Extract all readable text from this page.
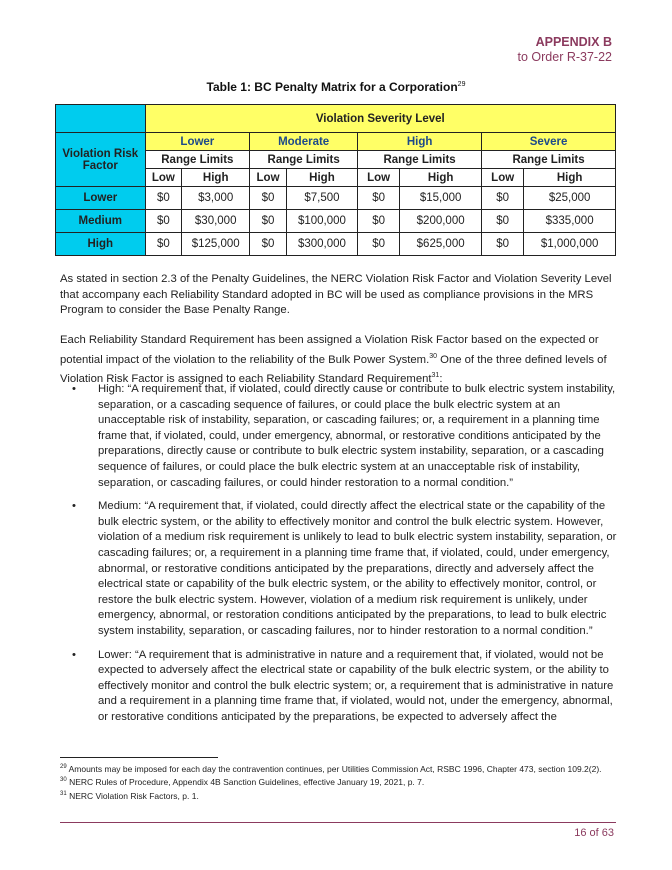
APPENDIX B
to Order R-37-22
Table 1: BC Penalty Matrix for a Corporation$^{29}$
	Violation Severity Level							
Violation Risk Factor	Lower		Moderate		High		Severe	
	Range Limits		Range Limits		Range Limits		Range Limits	
	Low	High	Low	High	Low	High	Low	High
Lower	$0	$3,000	$0	$7,500	$0	$15,000	$0	$25,000
Medium	$0	$30,000	$0	$100,000	$0	$200,000	$0	$335,000
High	$0	$125,000	$0	$300,000	$0	$625,000	$0	$1,000,000

As stated in section 2.3 of the Penalty Guidelines, the NERC Violation Risk Factor and Violation Severity Level that accompany each Reliability Standard adopted in BC will be used as compliance provisions in the MRS Program to consider the Base Penalty Range.

Each Reliability Standard Requirement has been assigned a Violation Risk Factor based on the expected or potential impact of the violation to the reliability of the Bulk Power System.$^{30}$ One of the three defined levels of Violation Risk Factor is assigned to each Reliability Standard Requirement$^{31}$:

• High: “A requirement that, if violated, could directly cause or contribute to bulk electric system instability, separation, or a cascading sequence of failures, or could place the bulk electric system at an unacceptable risk of instability, separation, or cascading failures; or, a requirement in a planning time frame that, if violated, could, under emergency, abnormal, or restorative conditions anticipated by the preparations, directly cause or contribute to bulk electric system instability, separation, or a cascading sequence of failures, or could place the bulk electric system at an unacceptable risk of instability, separation, or cascading failures, or could hinder restoration to a normal condition.”
• Medium: “A requirement that, if violated, could directly affect the electrical state or the capability of the bulk electric system, or the ability to effectively monitor and control the bulk electric system. However, violation of a medium risk requirement is unlikely to lead to bulk electric system instability, separation, or cascading failures; or, a requirement in a planning time frame that, if violated, could, under emergency, abnormal, or restorative conditions anticipated by the preparations, directly and adversely affect the electrical state or capability of the bulk electric system, or the ability to effectively monitor, control, or restore the bulk electric system. However, violation of a medium risk requirement is unlikely, under emergency, abnormal, or restoration conditions anticipated by the preparations, to lead to bulk electric system instability, separation, or cascading failures, nor to hinder restoration to a normal condition.”
• Lower: “A requirement that is administrative in nature and a requirement that, if violated, would not be expected to adversely affect the electrical state or capability of the bulk electric system, or the ability to effectively monitor and control the bulk electric system; or, a requirement that is administrative in nature and a requirement in a planning time frame that, if violated, would not, under the emergency, abnormal, or restorative conditions anticipated by the preparations, be expected to adversely affect the
$^{29}$ Amounts may be imposed for each day the contravention continues, per Utilities Commission Act, RSBC 1996, Chapter 473, section 109.2(2).
$^{30}$ NERC Rules of Procedure, Appendix 4B Sanction Guidelines, effective January 19, 2021, p. 7.
$^{31}$ NERC Violation Risk Factors, p. 1.
16 of 63
